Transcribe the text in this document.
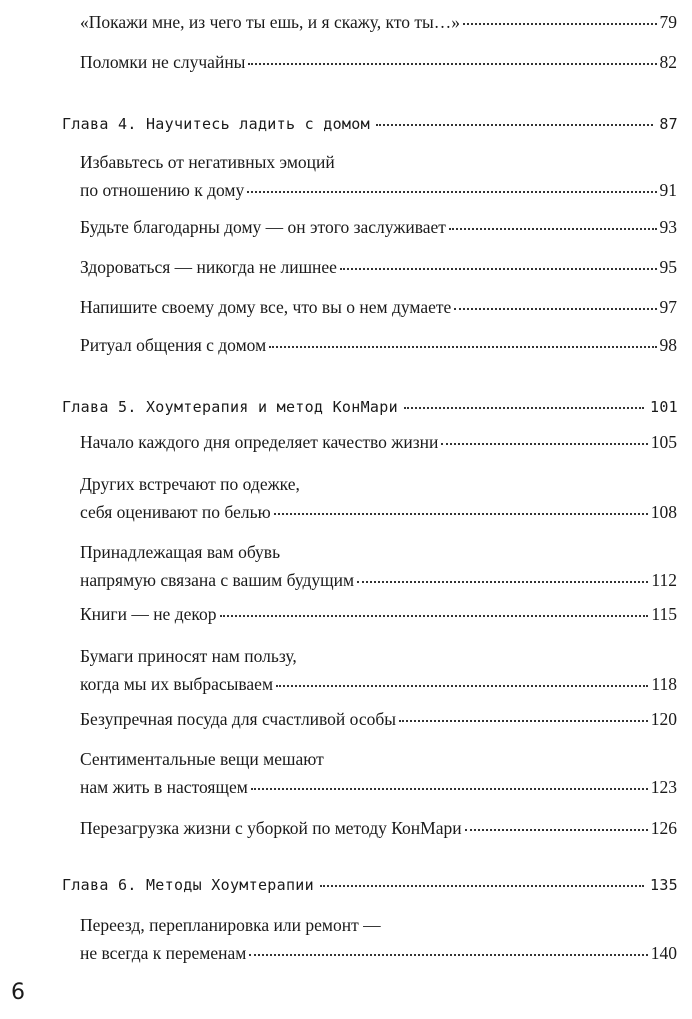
«Покажи мне, из чего ты ешь, и я скажу, кто ты…»	79
Поломки не случайны	82
Глава 4. Научитесь ладить с домом	87
Избавьтесь от негативных эмоций
по отношению к дому	91
Будьте благодарны дому — он этого заслуживает	93
Здороваться — никогда не лишнее	95
Напишите своему дому все, что вы о нем думаете	97
Ритуал общения с домом	98
Глава 5. Хоумтерапия и метод КонМари	101
Начало каждого дня определяет качество жизни	105
Других встречают по одежке,
себя оценивают по белью	108
Принадлежащая вам обувь
напрямую связана с вашим будущим	112
Книги — не декор	115
Бумаги приносят нам пользу,
когда мы их выбрасываем	118
Безупречная посуда для счастливой особы	120
Сентиментальные вещи мешают
нам жить в настоящем	123
Перезагрузка жизни с уборкой по методу КонМари	126
Глава 6. Методы Хоумтерапии	135
Переезд, перепланировка или ремонт —
не всегда к переменам	140
6
